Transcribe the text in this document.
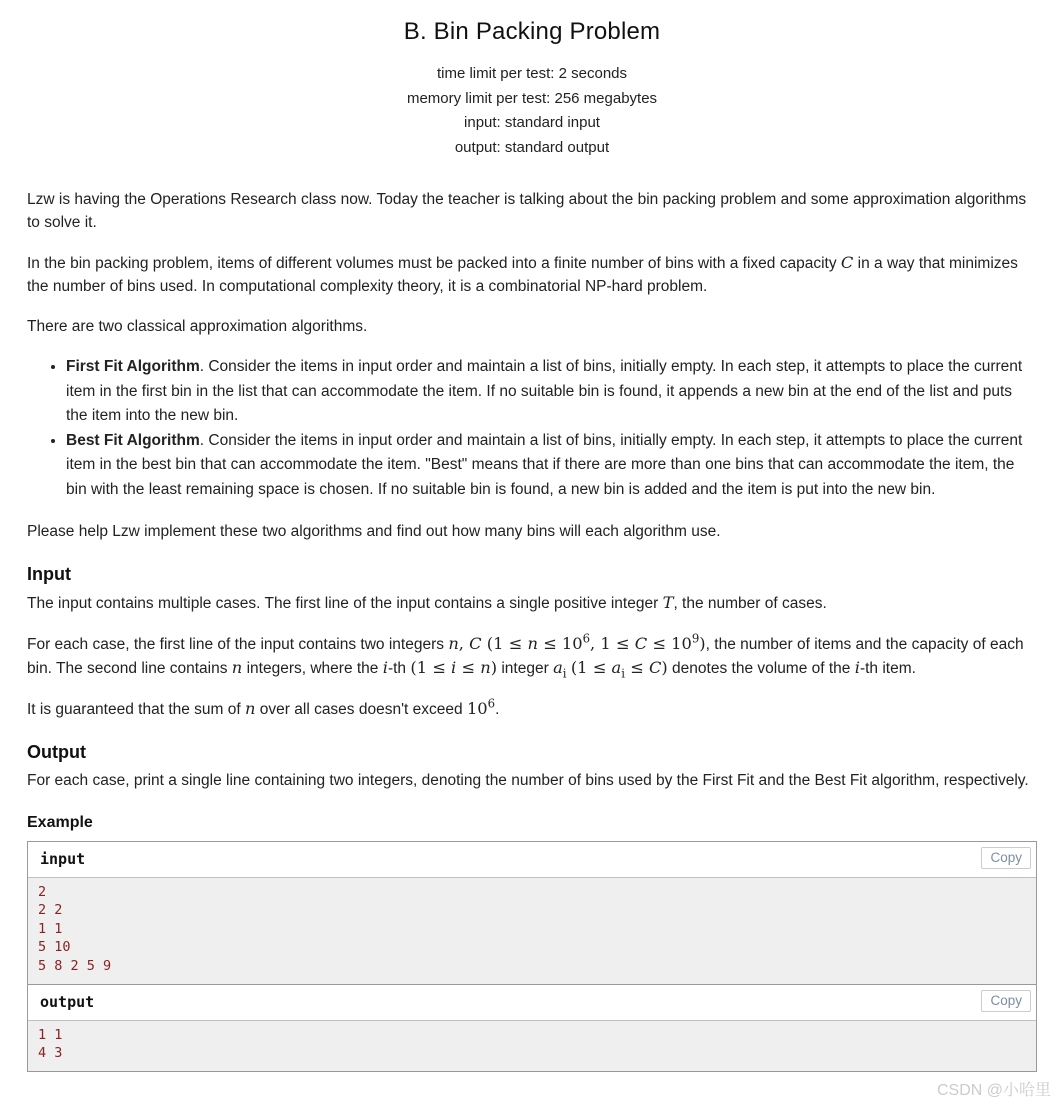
B. Bin Packing Problem
time limit per test: 2 seconds
memory limit per test: 256 megabytes
input: standard input
output: standard output

Lzw is having the Operations Research class now. Today the teacher is talking about the bin packing problem and some approximation algorithms to solve it.

In the bin packing problem, items of different volumes must be packed into a finite number of bins with a fixed capacity C in a way that minimizes the number of bins used. In computational complexity theory, it is a combinatorial NP-hard problem.

There are two classical approximation algorithms.

• First Fit Algorithm. Consider the items in input order and maintain a list of bins, initially empty. In each step, it attempts to place the current item in the first bin in the list that can accommodate the item. If no suitable bin is found, it appends a new bin at the end of the list and puts the item into the new bin.
• Best Fit Algorithm. Consider the items in input order and maintain a list of bins, initially empty. In each step, it attempts to place the current item in the best bin that can accommodate the item. "Best" means that if there are more than one bins that can accommodate the item, the bin with the least remaining space is chosen. If no suitable bin is found, a new bin is added and the item is put into the new bin.

Please help Lzw implement these two algorithms and find out how many bins will each algorithm use.

Input

The input contains multiple cases. The first line of the input contains a single positive integer T, the number of cases.

For each case, the first line of the input contains two integers n, C ($1 \le n \le 10^6$, $1 \le C \le 10^9$), the number of items and the capacity of each bin. The second line contains n integers, where the i-th (1 ≤ i ≤ n) integer $a_i$ $(1 \le a_i \le C)$ denotes the volume of the i-th item.

It is guaranteed that the sum of n over all cases doesn't exceed $10^6$.

Output

For each case, print a single line containing two integers, denoting the number of bins used by the First Fit and the Best Fit algorithm, respectively.

Example
input	Copy
2
2 2
1 1
5 10
5 8 2 5 9
output	Copy
1 1
4 3
CSDN @小哈里
